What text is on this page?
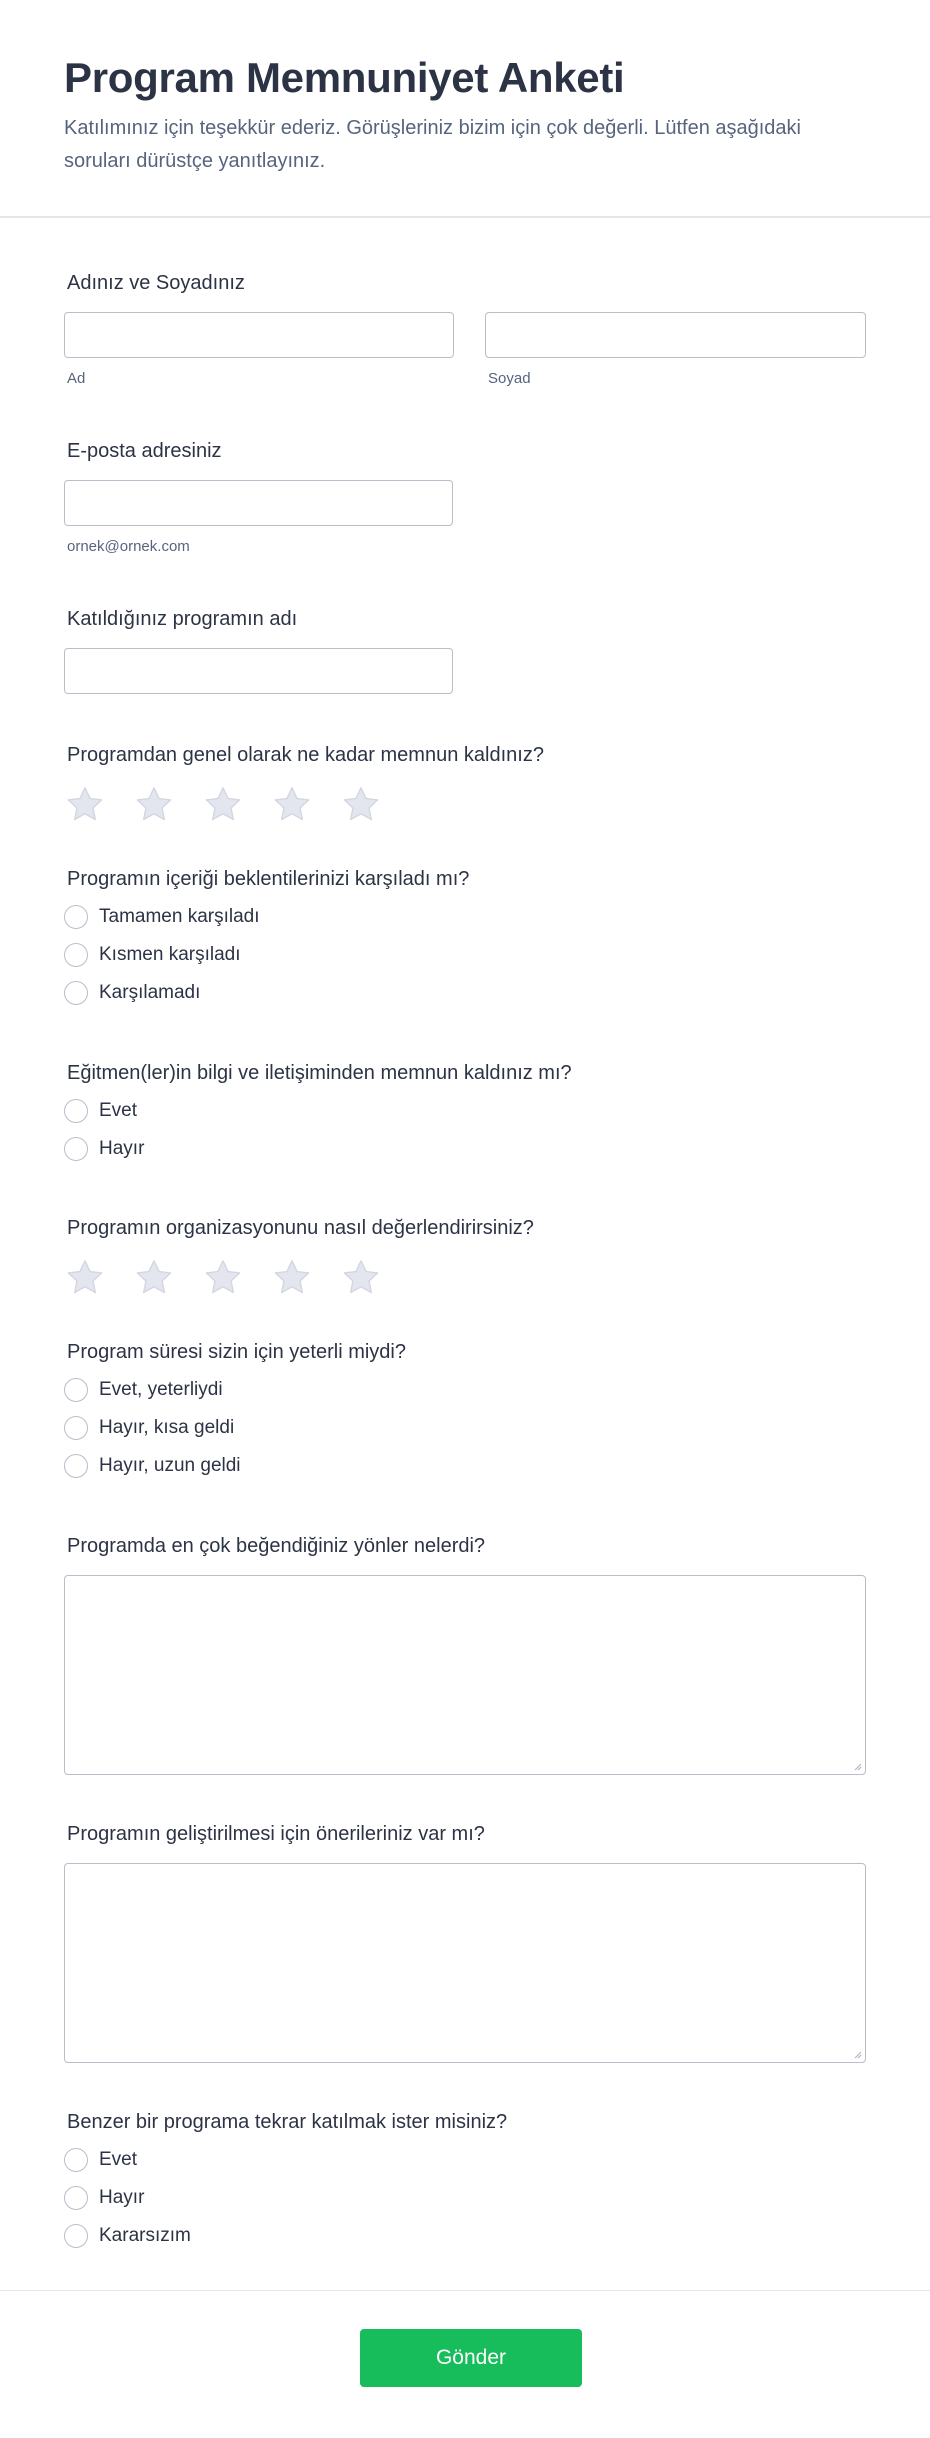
Program Memnuniyet Anketi

Katılımınız için teşekkür ederiz. Görüşleriniz bizim için çok değerli. Lütfen aşağıdaki soruları dürüstçe yanıtlayınız.

Adınız ve Soyadınız
Ad	Soyad
E-posta adresiniz
ornek@ornek.com
Katıldığınız programın adı
Programdan genel olarak ne kadar memnun kaldınız?
Programın içeriği beklentilerinizi karşıladı mı?
Tamamen karşıladı
Kısmen karşıladı
Karşılamadı
Eğitmen(ler)in bilgi ve iletişiminden memnun kaldınız mı?
Evet
Hayır
Programın organizasyonunu nasıl değerlendirirsiniz?
Program süresi sizin için yeterli miydi?
Evet, yeterliydi
Hayır, kısa geldi
Hayır, uzun geldi
Programda en çok beğendiğiniz yönler nelerdi?
Programın geliştirilmesi için önerileriniz var mı?
Benzer bir programa tekrar katılmak ister misiniz?
Evet
Hayır
Kararsızım
Gönder
